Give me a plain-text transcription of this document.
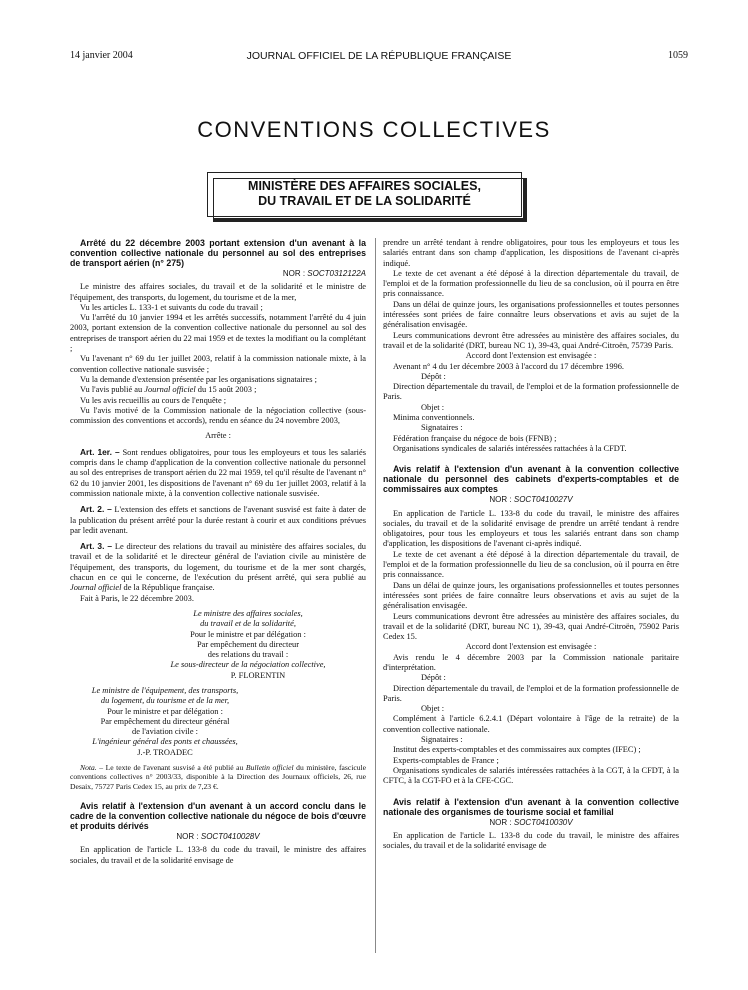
14 janvier 2004	JOURNAL OFFICIEL DE LA RÉPUBLIQUE FRANÇAISE	1059
CONVENTIONS COLLECTIVES
MINISTÈRE DES AFFAIRES SOCIALES,
DU TRAVAIL ET DE LA SOLIDARITÉ

Arrêté du 22 décembre 2003 portant extension d'un avenant à la convention collective nationale du personnel au sol des entreprises de transport aérien (n° 275)

NOR : SOCT0312122A

Le ministre des affaires sociales, du travail et de la solidarité et le ministre de l'équipement, des transports, du logement, du tourisme et de la mer,

Vu les articles L. 133-1 et suivants du code du travail ;

Vu l'arrêté du 10 janvier 1994 et les arrêtés successifs, notamment l'arrêté du 4 juin 2003, portant extension de la convention collective nationale du personnel au sol des entreprises de transport aérien du 22 mai 1959 et de textes la modifiant ou la complétant ;

Vu l'avenant n° 69 du 1er juillet 2003, relatif à la commission nationale mixte, à la convention collective nationale susvisée ;

Vu la demande d'extension présentée par les organisations signataires ;

Vu l'avis publié au Journal officiel du 15 août 2003 ;

Vu les avis recueillis au cours de l'enquête ;

Vu l'avis motivé de la Commission nationale de la négociation collective (sous-commission des conventions et accords), rendu en séance du 24 novembre 2003,

Arrête :

Art. 1er. – Sont rendues obligatoires, pour tous les employeurs et tous les salariés compris dans le champ d'application de la convention collective nationale du personnel au sol des entreprises de transport aérien du 22 mai 1959, tel qu'il résulte de l'avenant n° 62 du 10 janvier 2001, les dispositions de l'avenant n° 69 du 1er juillet 2003, relatif à la commission nationale mixte, à la convention collective nationale susvisée.

Art. 2. – L'extension des effets et sanctions de l'avenant susvisé est faite à dater de la publication du présent arrêté pour la durée restant à courir et aux conditions prévues par ledit avenant.

Art. 3. – Le directeur des relations du travail au ministère des affaires sociales, du travail et de la solidarité et le directeur général de l'aviation civile au ministère de l'équipement, des transports, du logement, du tourisme et de la mer sont chargés, chacun en ce qui le concerne, de l'exécution du présent arrêté, qui sera publié au Journal officiel de la République française.

Fait à Paris, le 22 décembre 2003.

Le ministre des affaires sociales,

du travail et de la solidarité,

Pour le ministre et par délégation :

Par empêchement du directeur

des relations du travail :

Le sous-directeur de la négociation collective,

P. FLORENTIN

Le ministre de l'équipement, des transports,

du logement, du tourisme et de la mer,

Pour le ministre et par délégation :

Par empêchement du directeur général

de l'aviation civile :

L'ingénieur général des ponts et chaussées,

J.-P. TROADEC

Nota. – Le texte de l'avenant susvisé a été publié au Bulletin officiel du ministère, fascicule conventions collectives n° 2003/33, disponible à la Direction des Journaux officiels, 26, rue Desaix, 75727 Paris Cedex 15, au prix de 7,23 €.

Avis relatif à l'extension d'un avenant à un accord conclu dans le cadre de la convention collective nationale du négoce de bois d'œuvre et produits dérivés

NOR : SOCT0410028V

En application de l'article L. 133-8 du code du travail, le ministre des affaires sociales, du travail et de la solidarité envisage de

prendre un arrêté tendant à rendre obligatoires, pour tous les employeurs et tous les salariés entrant dans son champ d'application, les dispositions de l'avenant ci-après indiqué.

Le texte de cet avenant a été déposé à la direction départementale du travail, de l'emploi et de la formation professionnelle du lieu de sa conclusion, où il pourra en être pris connaissance.

Dans un délai de quinze jours, les organisations professionnelles et toutes personnes intéressées sont priées de faire connaître leurs observations et avis au sujet de la généralisation envisagée.

Leurs communications devront être adressées au ministère des affaires sociales, du travail et de la solidarité (DRT, bureau NC 1), 39-43, quai André-Citroën, 75739 Paris.

Accord dont l'extension est envisagée :

Avenant n° 4 du 1er décembre 2003 à l'accord du 17 décembre 1996.

Dépôt :

Direction départementale du travail, de l'emploi et de la formation professionnelle de Paris.

Objet :

Minima conventionnels.

Signataires :

Fédération française du négoce de bois (FFNB) ;

Organisations syndicales de salariés intéressées rattachées à la CFDT.

Avis relatif à l'extension d'un avenant à la convention collective nationale du personnel des cabinets d'experts-comptables et de commissaires aux comptes

NOR : SOCT0410027V

En application de l'article L. 133-8 du code du travail, le ministre des affaires sociales, du travail et de la solidarité envisage de prendre un arrêté tendant à rendre obligatoires, pour tous les employeurs et tous les salariés entrant dans son champ d'application, les dispositions de l'avenant ci-après indiqué.

Le texte de cet avenant a été déposé à la direction départementale du travail, de l'emploi et de la formation professionnelle du lieu de sa conclusion, où il pourra en être pris connaissance.

Dans un délai de quinze jours, les organisations professionnelles et toutes personnes intéressées sont priées de faire connaître leurs observations et avis au sujet de la généralisation envisagée.

Leurs communications devront être adressées au ministère des affaires sociales, du travail et de la solidarité (DRT, bureau NC 1), 39-43, quai André-Citroën, 75902 Paris Cedex 15.

Accord dont l'extension est envisagée :

Avis rendu le 4 décembre 2003 par la Commission nationale paritaire d'interprétation.

Dépôt :

Direction départementale du travail, de l'emploi et de la formation professionnelle de Paris.

Objet :

Complément à l'article 6.2.4.1 (Départ volontaire à l'âge de la retraite) de la convention collective nationale.

Signataires :

Institut des experts-comptables et des commissaires aux comptes (IFEC) ;

Experts-comptables de France ;

Organisations syndicales de salariés intéressées rattachées à la CGT, à la CFDT, à la CFTC, à la CGT-FO et à la CFE-CGC.

Avis relatif à l'extension d'un avenant à la convention collective nationale des organismes de tourisme social et familial

NOR : SOCT0410030V

En application de l'article L. 133-8 du code du travail, le ministre des affaires sociales, du travail et de la solidarité envisage de
